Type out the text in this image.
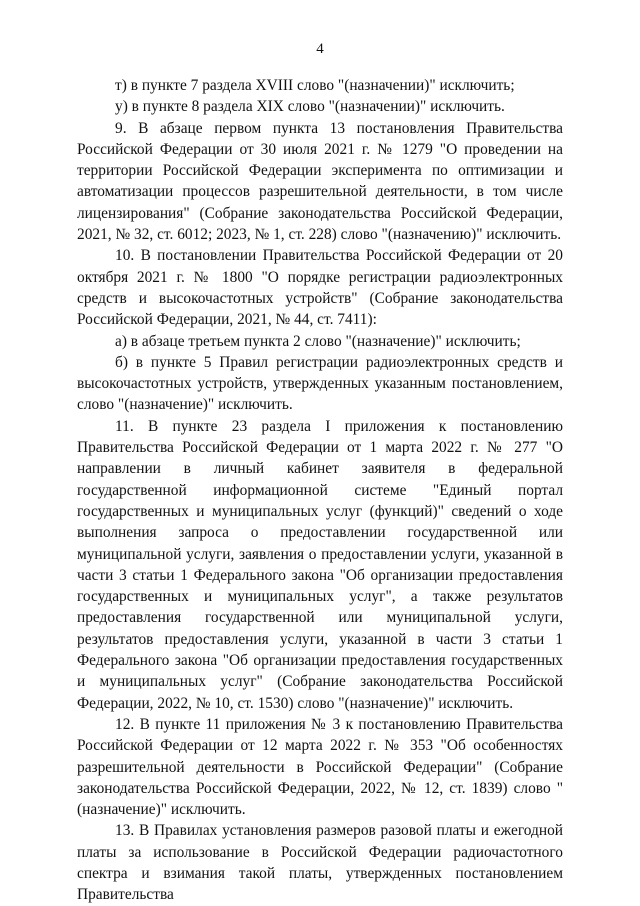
4

т) в пункте 7 раздела XVIII слово "(назначении)" исключить;

у) в пункте 8 раздела XIX слово "(назначении)" исключить.

9. В абзаце первом пункта 13 постановления Правительства Российской Федерации от 30 июля 2021 г. № 1279 "О проведении на территории Российской Федерации эксперимента по оптимизации и автоматизации процессов разрешительной деятельности, в том числе лицензирования" (Собрание законодательства Российской Федерации, 2021, № 32, ст. 6012; 2023, № 1, ст. 228) слово "(назначению)" исключить.

10. В постановлении Правительства Российской Федерации от 20 октября 2021 г. № 1800 "О порядке регистрации радиоэлектронных средств и высокочастотных устройств" (Собрание законодательства Российской Федерации, 2021, № 44, ст. 7411):

а) в абзаце третьем пункта 2 слово "(назначение)" исключить;

б) в пункте 5 Правил регистрации радиоэлектронных средств и высокочастотных устройств, утвержденных указанным постановлением, слово "(назначение)" исключить.

11. В пункте 23 раздела I приложения к постановлению Правительства Российской Федерации от 1 марта 2022 г. № 277 "О направлении в личный кабинет заявителя в федеральной государственной информационной системе "Единый портал государственных и муниципальных услуг (функций)" сведений о ходе выполнения запроса о предоставлении государственной или муниципальной услуги, заявления о предоставлении услуги, указанной в части 3 статьи 1 Федерального закона "Об организации предоставления государственных и муниципальных услуг", а также результатов предоставления государственной или муниципальной услуги, результатов предоставления услуги, указанной в части 3 статьи 1 Федерального закона "Об организации предоставления государственных и муниципальных услуг" (Собрание законодательства Российской Федерации, 2022, № 10, ст. 1530) слово "(назначение)" исключить.

12. В пункте 11 приложения № 3 к постановлению Правительства Российской Федерации от 12 марта 2022 г. № 353 "Об особенностях разрешительной деятельности в Российской Федерации" (Собрание законодательства Российской Федерации, 2022, № 12, ст. 1839) слово "(назначение)" исключить.

13. В Правилах установления размеров разовой платы и ежегодной платы за использование в Российской Федерации радиочастотного спектра и взимания такой платы, утвержденных постановлением Правительства
